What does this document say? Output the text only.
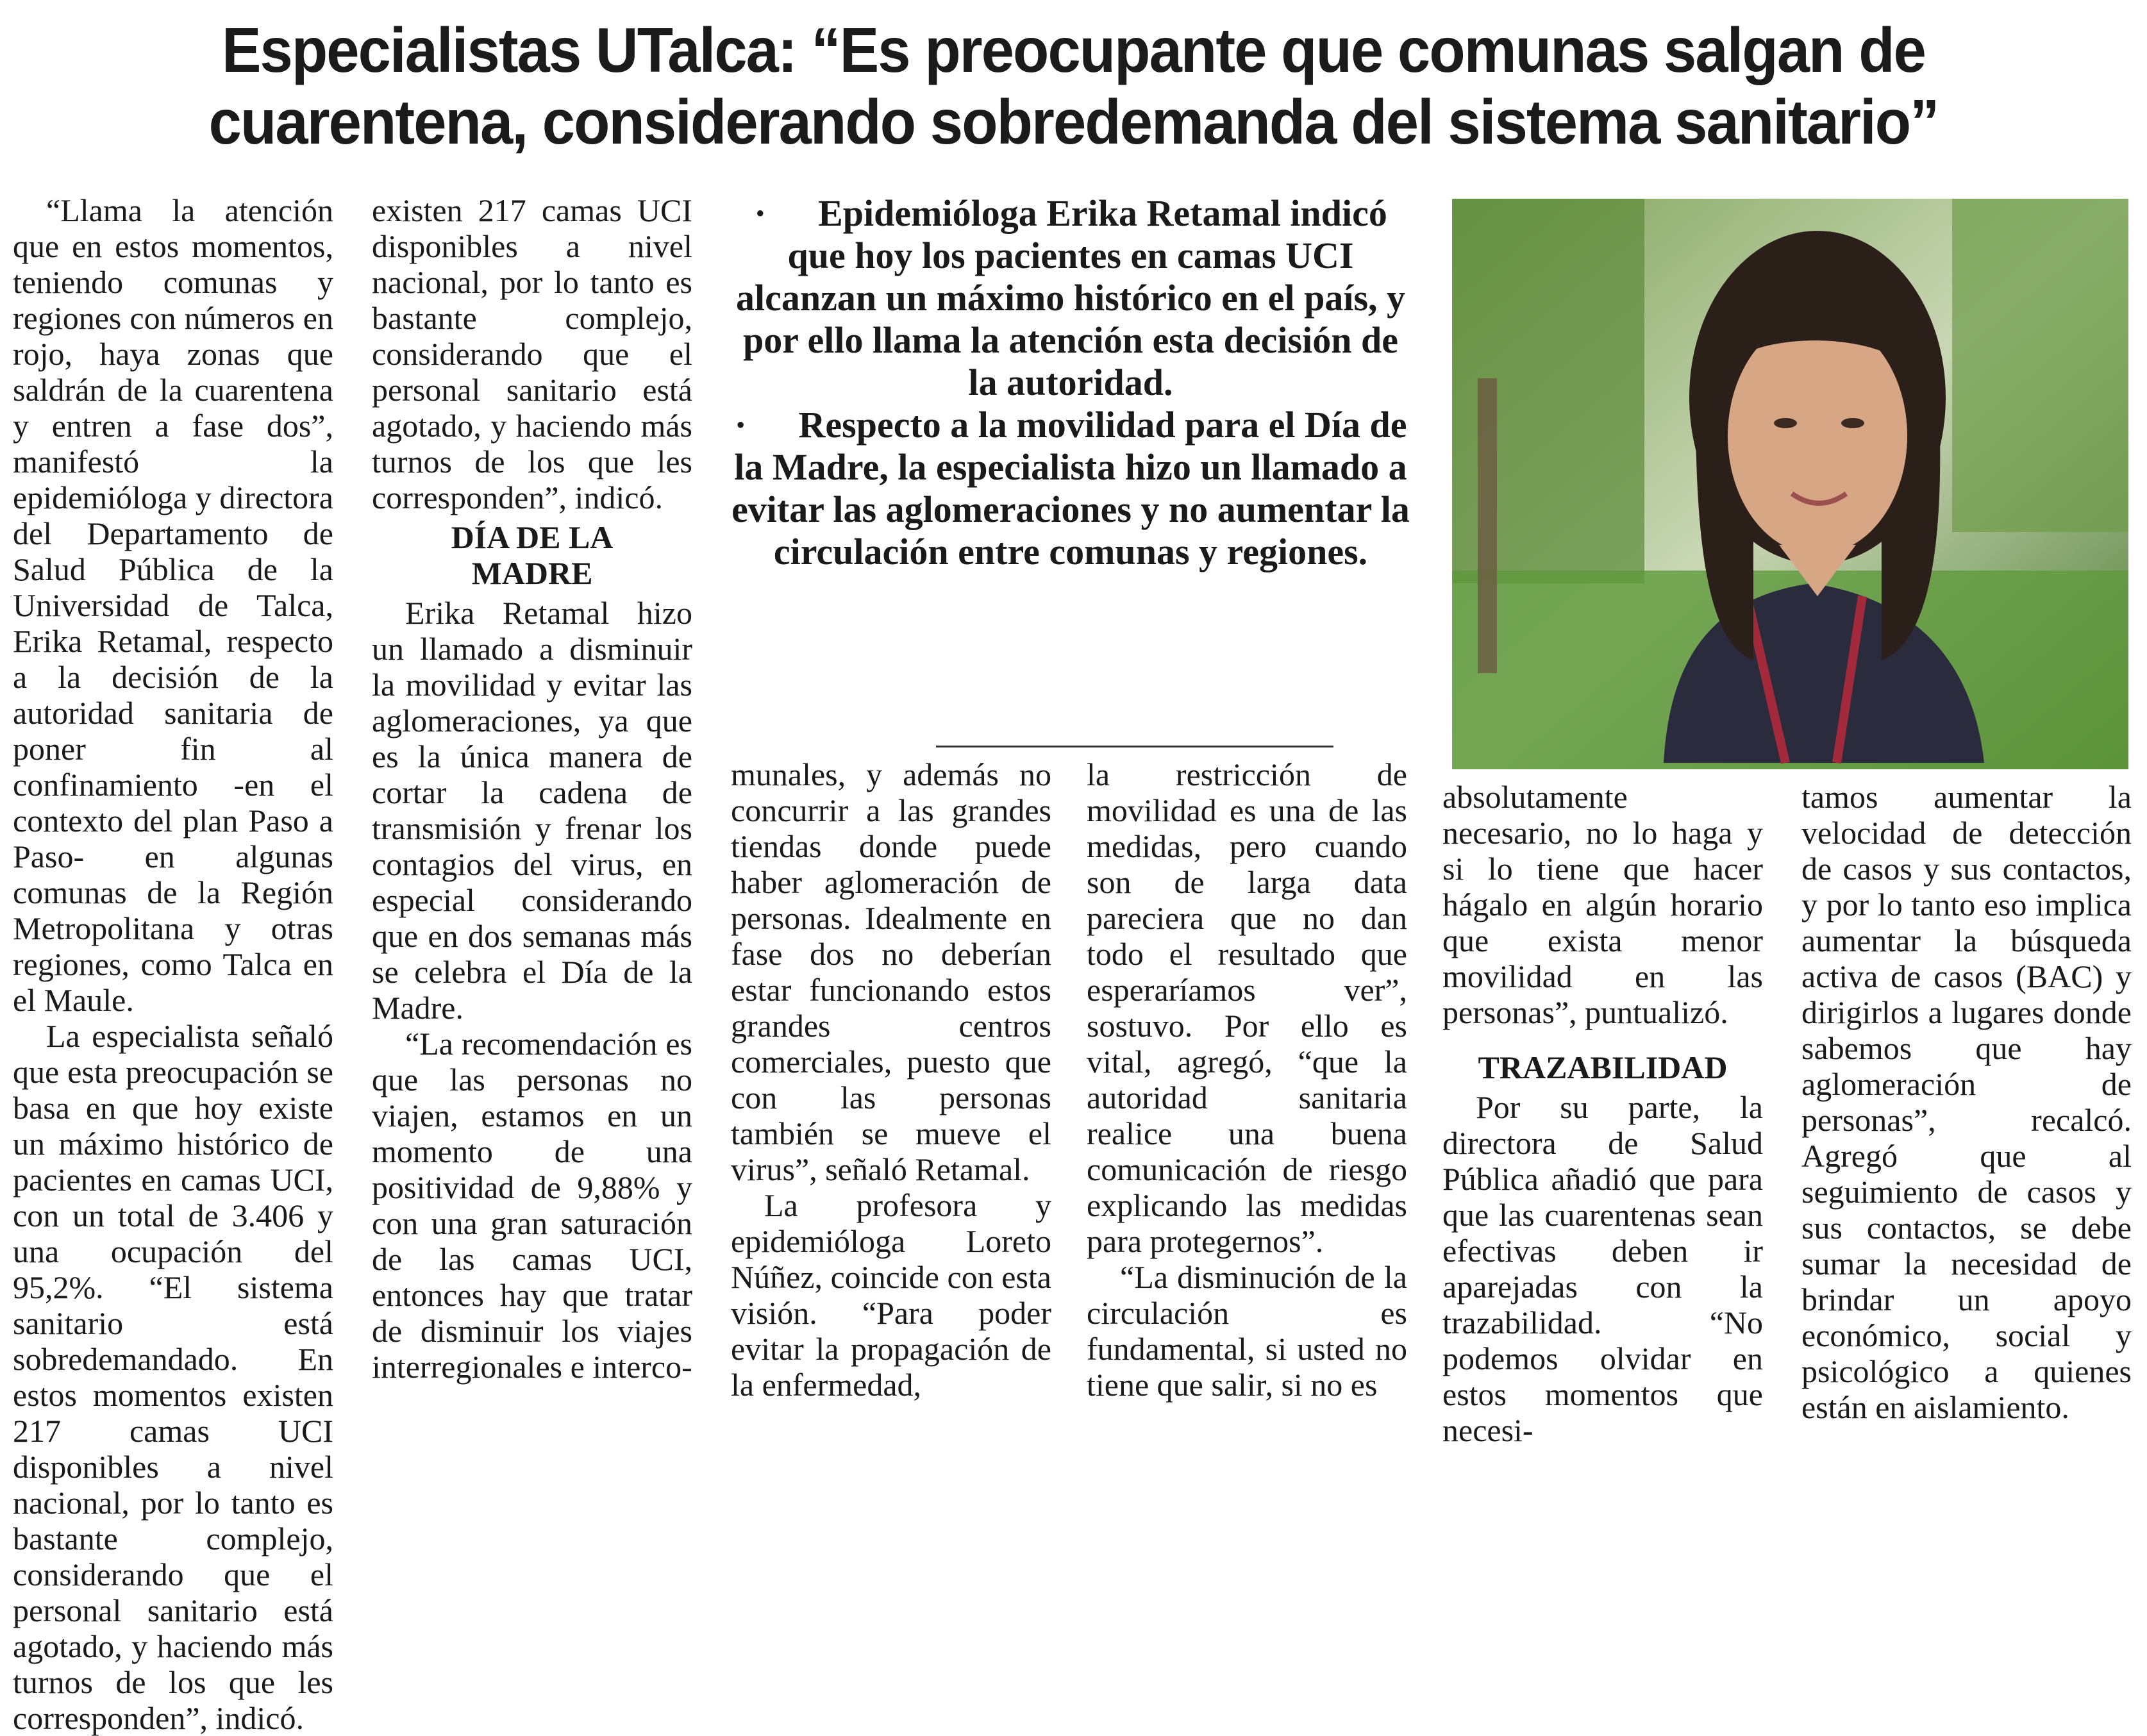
Especialistas UTalca: “Es preocupante que comunas salgan de
cuarentena, considerando sobredemanda del sistema sanitario”

“Llama la atención que en estos momentos, teniendo comunas y regiones con números en rojo, haya zonas que saldrán de la cuarentena y entren a fase dos”, manifestó la epidemióloga y directora del Departamento de Salud Pública de la Universidad de Talca, Erika Retamal, respecto a la decisión de la autoridad sanitaria de poner fin al confinamiento -en el contexto del plan Paso a Paso- en algunas comunas de la Región Metropolitana y otras regiones, como Talca en el Maule.

La especialista señaló que esta preocupación se basa en que hoy existe un máximo histórico de pacientes en camas UCI, con un total de 3.406 y una ocupación del 95,2%. “El sistema sanitario está sobredemandado. En estos momentos existen 217 camas UCI disponibles a nivel nacional, por lo tanto es bastante complejo, considerando que el personal sanitario está agotado, y haciendo más turnos de los que les corresponden”, indicó.

existen 217 camas UCI disponibles a nivel nacional, por lo tanto es bastante complejo, considerando que el personal sanitario está agotado, y haciendo más turnos de los que les corresponden”, indicó.

DÍA DE LA
MADRE

Erika Retamal hizo un llamado a disminuir la movilidad y evitar las aglomeraciones, ya que es la única manera de cortar la cadena de transmisión y frenar los contagios del virus, en especial considerando que en dos semanas más se celebra el Día de la Madre.

“La recomendación es que las personas no viajen, estamos en un momento de una positividad de 9,88% y con una gran saturación de las camas UCI, entonces hay que tratar de disminuir los viajes interregionales e interco-

· Epidemióloga Erika Retamal indicó que hoy los pacientes en camas UCI alcanzan un máximo histórico en el país, y por ello llama la atención esta decisión de la autoridad.

· Respecto a la movilidad para el Día de la Madre, la especialista hizo un llamado a evitar las aglomeraciones y no aumentar la circulación entre comunas y regiones.

munales, y además no concurrir a las grandes tiendas donde puede haber aglomeración de personas. Idealmente en fase dos no deberían estar funcionando estos grandes centros comerciales, puesto que con las personas también se mueve el virus”, señaló Retamal.

La profesora y epidemióloga Loreto Núñez, coincide con esta visión. “Para poder evitar la propagación de la enfermedad,

la restricción de movilidad es una de las medidas, pero cuando son de larga data pareciera que no dan todo el resultado que esperaríamos ver”, sostuvo. Por ello es vital, agregó, “que la autoridad sanitaria realice una buena comunicación de riesgo explicando las medidas para protegernos”.

“La disminución de la circulación es fundamental, si usted no tiene que salir, si no es

absolutamente necesario, no lo haga y si lo tiene que hacer hágalo en algún horario que exista menor movilidad en las personas”, puntualizó.

TRAZABILIDAD

Por su parte, la directora de Salud Pública añadió que para que las cuarentenas sean efectivas deben ir aparejadas con la trazabilidad. “No podemos olvidar en estos momentos que necesi-

tamos aumentar la velocidad de detección de casos y sus contactos, y por lo tanto eso implica aumentar la búsqueda activa de casos (BAC) y dirigirlos a lugares donde sabemos que hay aglomeración de personas”, recalcó. Agregó que al seguimiento de casos y sus contactos, se debe sumar la necesidad de brindar un apoyo económico, social y psicológico a quienes están en aislamiento.
